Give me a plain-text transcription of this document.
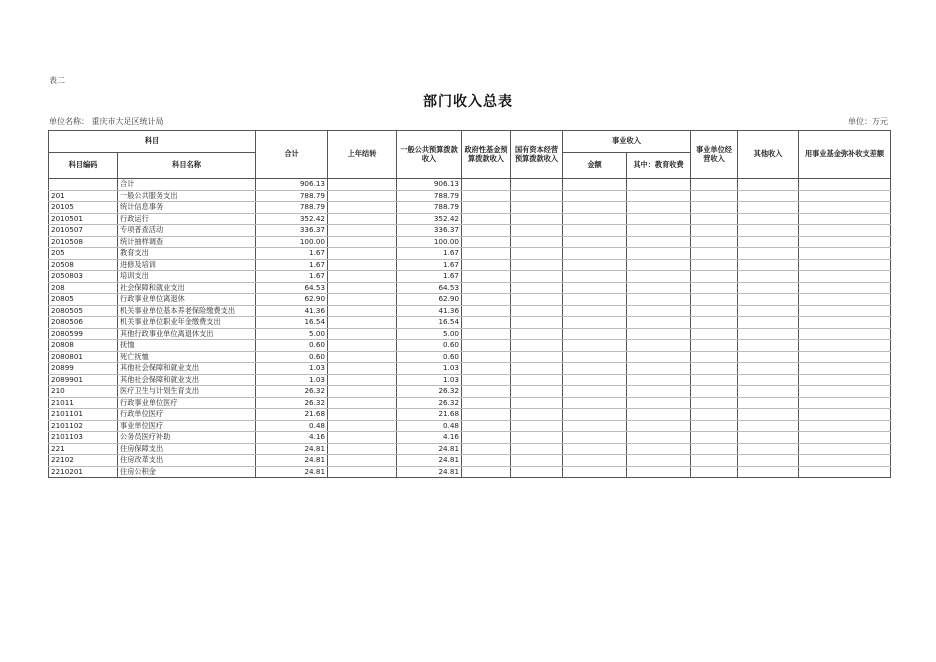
表二
部门收入总表
单位名称： 重庆市大足区统计局	单位：万元
科目		合计	上年结转	一般公共预算拨款收入	政府性基金预算拨款收入	国有资本经营预算拨款收入	事业收入		事业单位经营收入	其他收入	用事业基金弥补收支差额
科目编码	科目名称						金额	其中：教育收费			
	合计	906.13		906.13							
201	一般公共服务支出	788.79		788.79							
20105	统计信息事务	788.79		788.79							
2010501	行政运行	352.42		352.42							
2010507	专项普查活动	336.37		336.37							
2010508	统计抽样调查	100.00		100.00							
205	教育支出	1.67		1.67							
20508	进修及培训	1.67		1.67							
2050803	培训支出	1.67		1.67							
208	社会保障和就业支出	64.53		64.53							
20805	行政事业单位离退休	62.90		62.90							
2080505	机关事业单位基本养老保险缴费支出	41.36		41.36							
2080506	机关事业单位职业年金缴费支出	16.54		16.54							
2080599	其他行政事业单位离退休支出	5.00		5.00							
20808	抚恤	0.60		0.60							
2080801	死亡抚恤	0.60		0.60							
20899	其他社会保障和就业支出	1.03		1.03							
2089901	其他社会保障和就业支出	1.03		1.03							
210	医疗卫生与计划生育支出	26.32		26.32							
21011	行政事业单位医疗	26.32		26.32							
2101101	行政单位医疗	21.68		21.68							
2101102	事业单位医疗	0.48		0.48							
2101103	公务员医疗补助	4.16		4.16							
221	住房保障支出	24.81		24.81							
22102	住房改革支出	24.81		24.81							
2210201	住房公积金	24.81		24.81							
